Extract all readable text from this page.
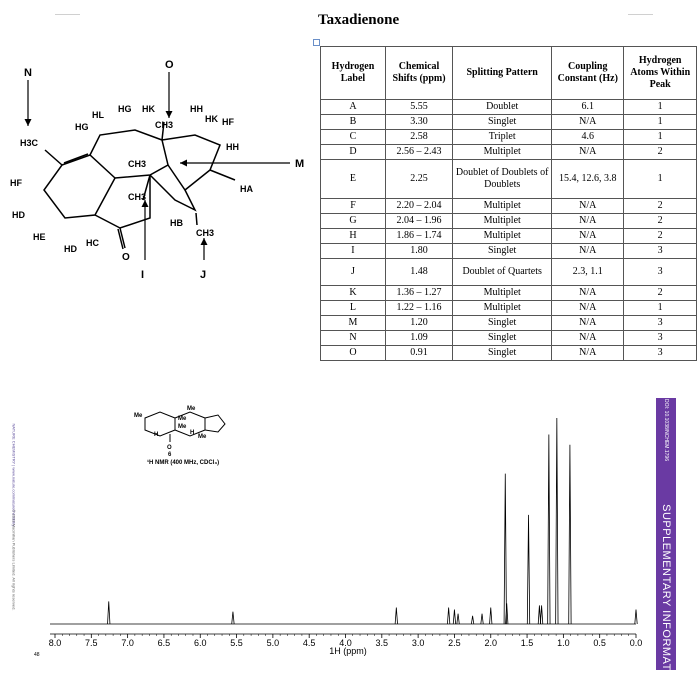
Taxadienone
N
O
M
I	J
HL
HG HK	HH
HK HF
HG	CH3
HH
H3C
CH3
HF
CH3
HA
HD
HE
HD
HC
HB
O
CH3
Hydrogen Label	Chemical Shifts (ppm)	Splitting Pattern	Coupling Constant (Hz)	Hydrogen Atoms Within Peak
A	5.55	Doublet	6.1	1
B	3.30	Singlet	N/A	1
C	2.58	Triplet	4.6	1
D	2.56 – 2.43	Multiplet	N/A	2
E	2.25	Doublet of Doublets of Doublets	15.4, 12.6, 3.8	1
F	2.20 – 2.04	Multiplet	N/A	2
G	2.04 – 1.96	Multiplet	N/A	2
H	1.86 – 1.74	Multiplet	N/A	2
I	1.80	Singlet	N/A	3
J	1.48	Doublet of Quartets	2.3, 1.1	3
K	1.36 – 1.27	Multiplet	N/A	2
L	1.22 – 1.16	Multiplet	N/A	1
M	1.20	Singlet	N/A	3
N	1.09	Singlet	N/A	3
O	0.91	Singlet	N/A	3
Me
Me
Me
Me
Me
H	H
O
6
¹H NMR (400 MHz, CDCl₃)
8.0	7.5	7.0	6.5	6.0	5.5	5.0	4.5	4.0	3.5	3.0	2.5	2.0	1.5	1.0	0.5	0.0
1H (ppm)
48
NATURE CHEMISTRY | www.nature.com/naturechemistry
© 2013 Macmillan Publishers Limited. All rights reserved.
DOI: 10.1038/NCHEM.1796
SUPPLEMENTARY INFORMATION
